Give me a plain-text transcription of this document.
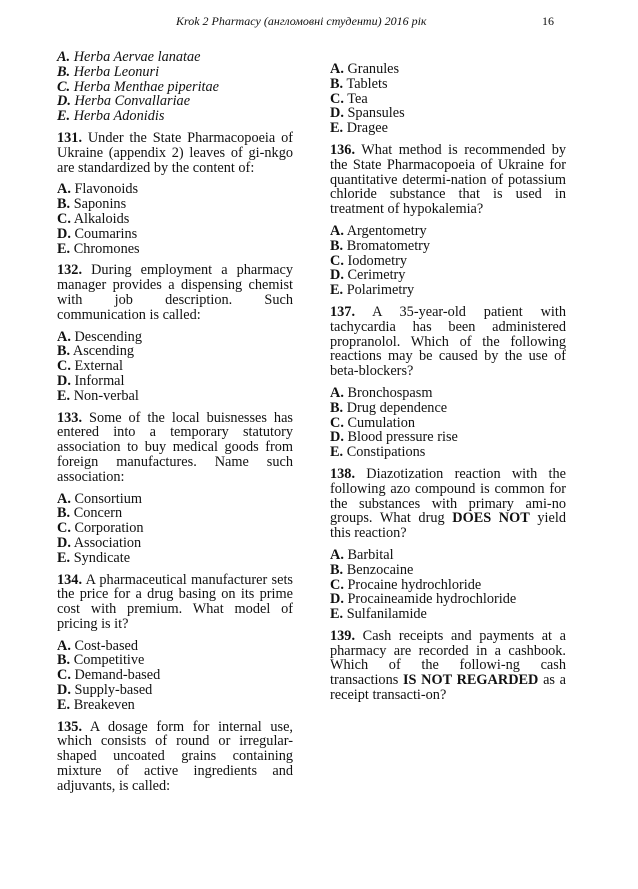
Krok 2 Pharmacy (англомовні студенти) 2016 рік	16
A. Herba Aervae lanatae
B. Herba Leonuri
C. Herba Menthae piperitae
D. Herba Convallariae
E. Herba Adonidis
131. Under the State Pharmacopoeia of Ukraine (appendix 2) leaves of gi-nkgo are standardized by the content of:
A. Flavonoids
B. Saponins
C. Alkaloids
D. Coumarins
E. Chromones
132. During employment a pharmacy manager provides a dispensing chemist with job description. Such communication is called:
A. Descending
B. Ascending
C. External
D. Informal
E. Non-verbal
133. Some of the local buisnesses has entered into a temporary statutory association to buy medical goods from foreign manufactures. Name such association:
A. Consortium
B. Concern
C. Corporation
D. Association
E. Syndicate
134. A pharmaceutical manufacturer sets the price for a drug basing on its prime cost with premium. What model of pricing is it?
A. Cost-based
B. Competitive
C. Demand-based
D. Supply-based
E. Breakeven
135. A dosage form for internal use, which consists of round or irregular-shaped uncoated grains containing mixture of active ingredients and adjuvants, is called:
A. Granules
B. Tablets
C. Tea
D. Spansules
E. Dragee
136. What method is recommended by the State Pharmacopoeia of Ukraine for quantitative determi-nation of potassium chloride substance that is used in treatment of hypokalemia?
A. Argentometry
B. Bromatometry
C. Iodometry
D. Cerimetry
E. Polarimetry
137. A 35-year-old patient with tachycardia has been administered propranolol. Which of the following reactions may be caused by the use of beta-blockers?
A. Bronchospasm
B. Drug dependence
C. Cumulation
D. Blood pressure rise
E. Constipations
138. Diazotization reaction with the following azo compound is common for the substances with primary ami-no groups. What drug DOES NOT yield this reaction?
A. Barbital
B. Benzocaine
C. Procaine hydrochloride
D. Procaineamide hydrochloride
E. Sulfanilamide
139. Cash receipts and payments at a pharmacy are recorded in a cashbook. Which of the followi-ng cash transactions IS NOT REGARDED as a receipt transacti-on?
